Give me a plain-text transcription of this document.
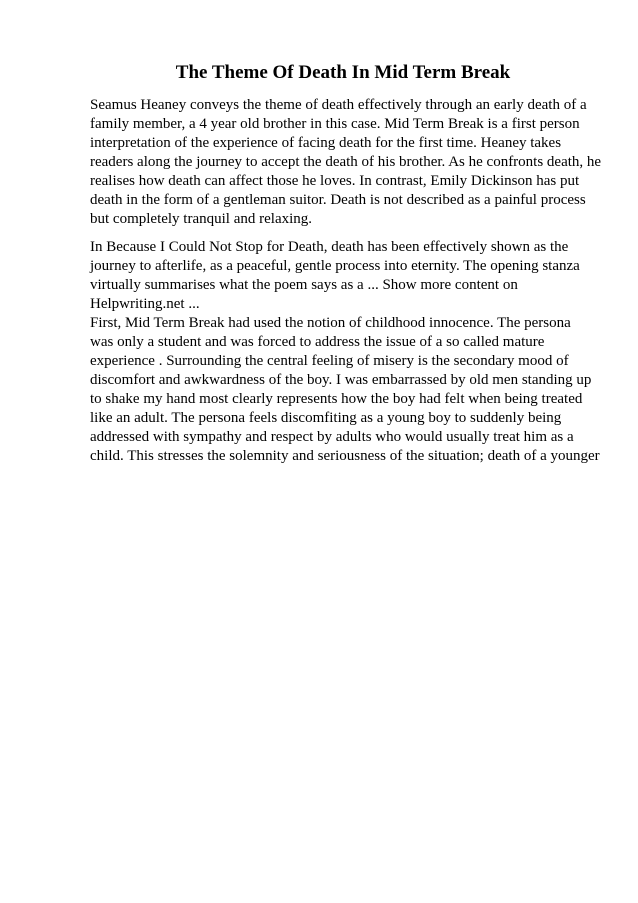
The Theme Of Death In Mid Term Break

Seamus Heaney conveys the theme of death effectively through an early death of a

family member, a 4 year old brother in this case. Mid Term Break is a first person

interpretation of the experience of facing death for the first time. Heaney takes

readers along the journey to accept the death of his brother. As he confronts death, he

realises how death can affect those he loves. In contrast, Emily Dickinson has put

death in the form of a gentleman suitor. Death is not described as a painful process

but completely tranquil and relaxing.

In Because I Could Not Stop for Death, death has been effectively shown as the

journey to afterlife, as a peaceful, gentle process into eternity. The opening stanza

virtually summarises what the poem says as a ... Show more content on

Helpwriting.net ...

First, Mid Term Break had used the notion of childhood innocence. The persona

was only a student and was forced to address the issue of a so called mature

experience . Surrounding the central feeling of misery is the secondary mood of

discomfort and awkwardness of the boy. I was embarrassed by old men standing up

to shake my hand most clearly represents how the boy had felt when being treated

like an adult. The persona feels discomfiting as a young boy to suddenly being

addressed with sympathy and respect by adults who would usually treat him as a

child. This stresses the solemnity and seriousness of the situation; death of a younger
